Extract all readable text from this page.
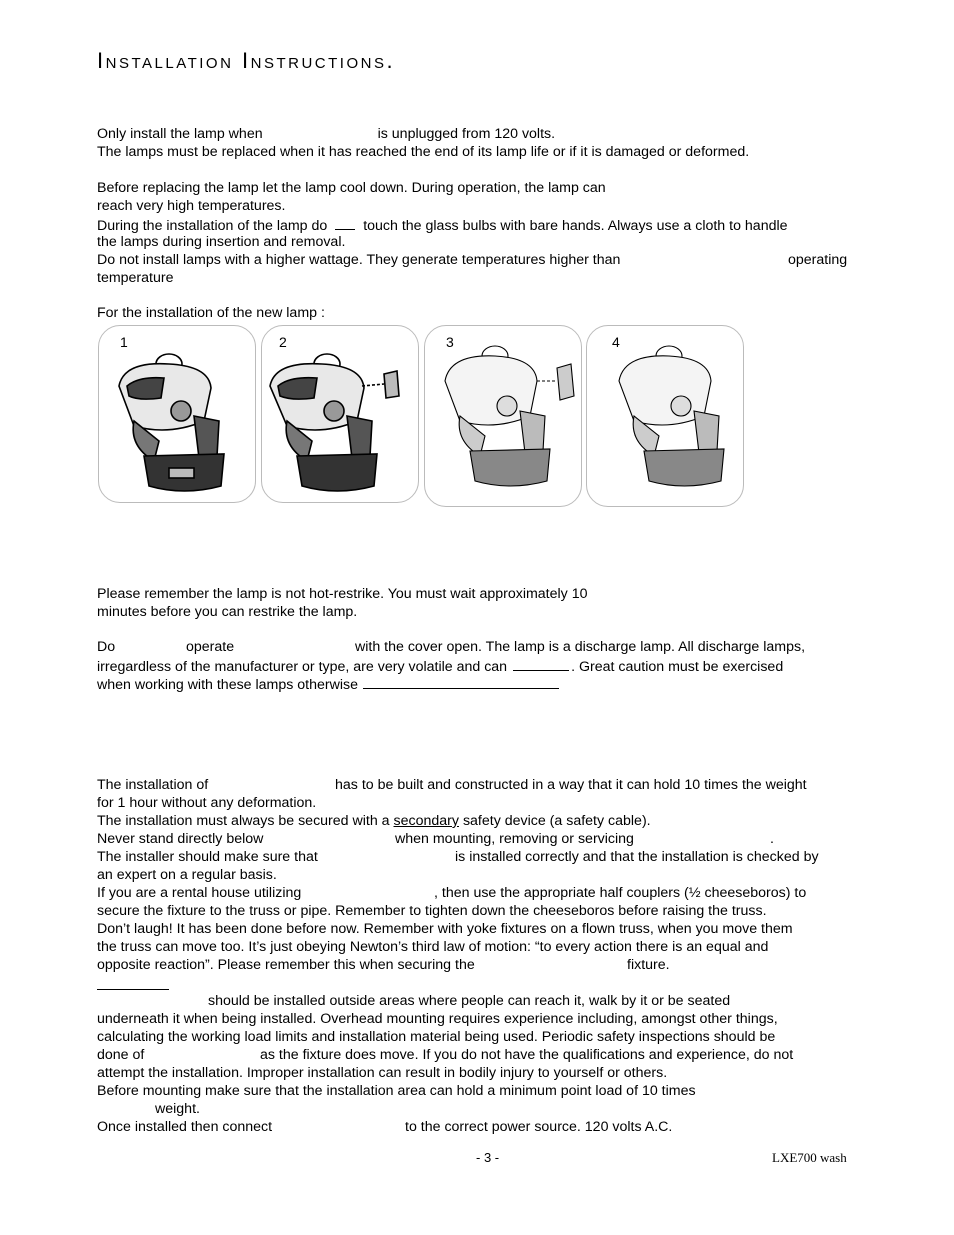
Installation Instructions.
Only install the lamp when	is unplugged from 120 volts.
The lamps must be replaced when it has reached the end of its lamp life or if it is damaged or deformed.
Before replacing the lamp let the lamp cool down. During operation, the lamp can
reach very high temperatures.
During the installation of the lamp do	touch the glass bulbs with bare hands. Always use a cloth to handle
the lamps during insertion and removal.
Do not install lamps with a higher wattage. They generate temperatures higher than	operating
temperature
For the installation of the new lamp :
1	2	3	4
Please remember the lamp is not hot-restrike. You must wait approximately 10
minutes before you can restrike the lamp.
Do	operate	with the cover open. The lamp is a discharge lamp. All discharge lamps,
irregardless of the manufacturer or type, are very volatile and can	. Great caution must be exercised
when working with these lamps otherwise
The installation of	has to be built and constructed in a way that it can hold 10 times the weight
for 1 hour without any deformation.
The installation must always be secured with a secondary safety device (a safety cable).
Never stand directly below	when mounting, removing or servicing	.
The installer should make sure that	is installed correctly and that the installation is checked by
an expert on a regular basis.
If you are a rental house utilizing	, then use the appropriate half couplers (½ cheeseboros) to
secure the fixture to the truss or pipe. Remember to tighten down the cheeseboros before raising the truss.
Don’t laugh! It has been done before now. Remember with yoke fixtures on a flown truss, when you move them
the truss can move too. It’s just obeying Newton’s third law of motion: “to every action there is an equal and
opposite reaction”. Please remember this when securing the	fixture.
should be installed outside areas where people can reach it, walk by it or be seated
underneath it when being installed. Overhead mounting requires experience including, amongst other things,
calculating the working load limits and installation material being used. Periodic safety inspections should be
done of	as the fixture does move. If you do not have the qualifications and experience, do not
attempt the installation. Improper installation can result in bodily injury to yourself or others.
Before mounting make sure that the installation area can hold a minimum point load of 10 times
weight.
Once installed then connect	to the correct power source. 120 volts A.C.
- 3 -	LXE700 wash
